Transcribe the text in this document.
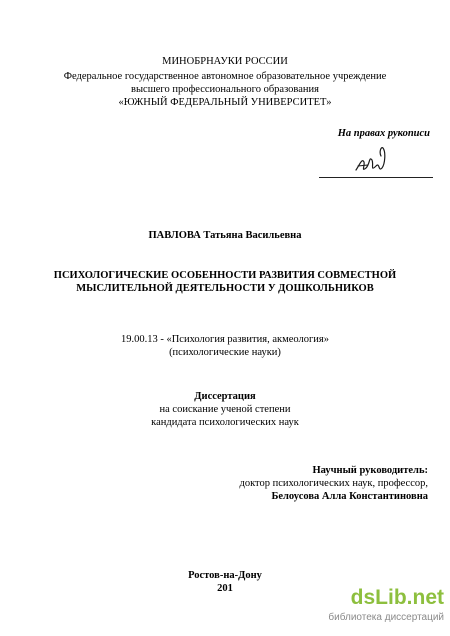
МИНОБРНАУКИ РОССИИ
Федеральное государственное автономное образовательное учреждение
высшего профессионального образования
«ЮЖНЫЙ ФЕДЕРАЛЬНЫЙ УНИВЕРСИТЕТ»
На правах рукописи
ПАВЛОВА Татьяна Васильевна
ПСИХОЛОГИЧЕСКИЕ ОСОБЕННОСТИ РАЗВИТИЯ СОВМЕСТНОЙ
МЫСЛИТЕЛЬНОЙ ДЕЯТЕЛЬНОСТИ У ДОШКОЛЬНИКОВ
19.00.13 - «Психология развития, акмеология»
(психологические науки)
Диссертация
на соискание ученой степени
кандидата психологических наук
Научный руководитель:
доктор психологических наук, профессор,
Белоусова Алла Константиновна
Ростов-на-Дону
201	dsLib.net
библиотека диссертаций
